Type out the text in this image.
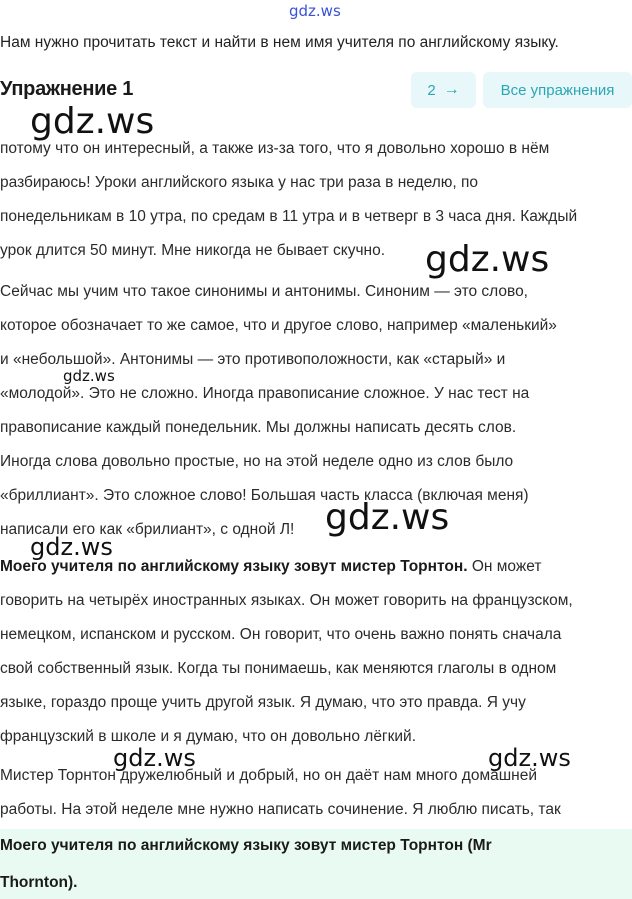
gdz.ws
Нам нужно прочитать текст и найти в нем имя учителя по английскому языку.
Упражнение 1	2 →	Все упражнения
потому что он интересный, а также из-за того, что я довольно хорошо в нём
разбираюсь! Уроки английского языка у нас три раза в неделю, по
понедельникам в 10 утра, по средам в 11 утра и в четверг в 3 часа дня. Каждый
урок длится 50 минут. Мне никогда не бывает скучно.
Сейчас мы учим что такое синонимы и антонимы. Синоним — это слово,
которое обозначает то же самое, что и другое слово, например «маленький»
и «небольшой». Антонимы — это противоположности, как «старый» и
«молодой». Это не сложно. Иногда правописание сложное. У нас тест на
правописание каждый понедельник. Мы должны написать десять слов.
Иногда слова довольно простые, но на этой неделе одно из слов было
«бриллиант». Это сложное слово! Большая часть класса (включая меня)
написали его как «брилиант», с одной Л!
Моего учителя по английскому языку зовут мистер Торнтон. Он может
говорить на четырёх иностранных языках. Он может говорить на французском,
немецком, испанском и русском. Он говорит, что очень важно понять сначала
свой собственный язык. Когда ты понимаешь, как меняются глаголы в одном
языке, гораздо проще учить другой язык. Я думаю, что это правда. Я учу
французский в школе и я думаю, что он довольно лёгкий.
Мистер Торнтон дружелюбный и добрый, но он даёт нам много домашней
работы. На этой неделе мне нужно написать сочинение. Я люблю писать, так
Моего учителя по английскому языку зовут мистер Торнтон (Mr
Thornton).
gdz.ws
gdz.ws
gdz.ws
gdz.ws
gdz.ws
gdz.ws	gdz.ws
